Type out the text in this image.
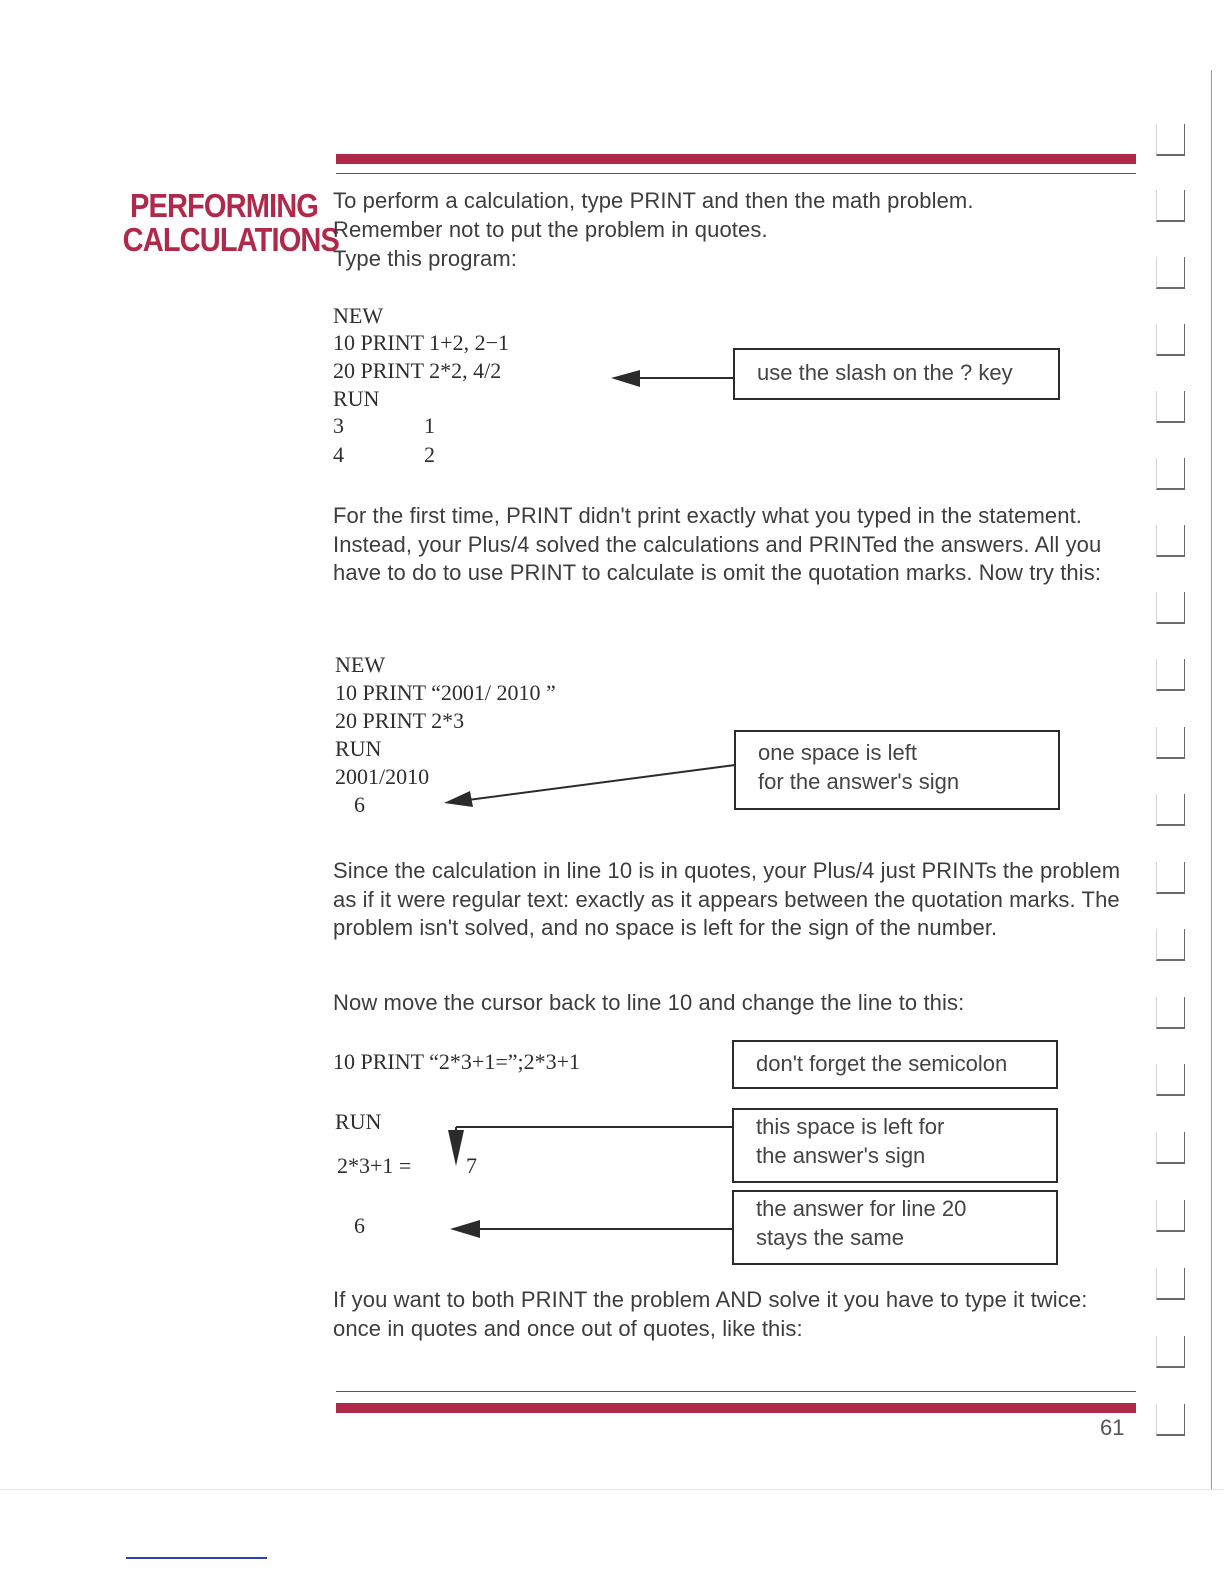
PERFORMING
CALCULATIONS
To perform a calculation, type PRINT and then the math problem.
Remember not to put the problem in quotes.
Type this program:
NEW
10 PRINT 1+2, 2−1
20 PRINT 2*2, 4/2
RUN
3	1
4	2
use the slash on the ? key
For the first time, PRINT didn't print exactly what you typed in the statement. Instead, your Plus/4 solved the calculations and PRINTed the answers. All you have to do to use PRINT to calculate is omit the quotation marks. Now try this:
NEW
10 PRINT “2001/ 2010 ”
20 PRINT 2*3
RUN
2001/2010
6
one space is left
for the answer's sign
Since the calculation in line 10 is in quotes, your Plus/4 just PRINTs the problem as if it were regular text: exactly as it appears between the quotation marks. The problem isn't solved, and no space is left for the sign of the number.
Now move the cursor back to line 10 and change the line to this:
10 PRINT “2*3+1=”;2*3+1	don't forget the semicolon
RUN
2*3+1 = 7
6
this space is left for
the answer's sign
the answer for line 20
stays the same
If you want to both PRINT the problem AND solve it you have to type it twice: once in quotes and once out of quotes, like this:
61
